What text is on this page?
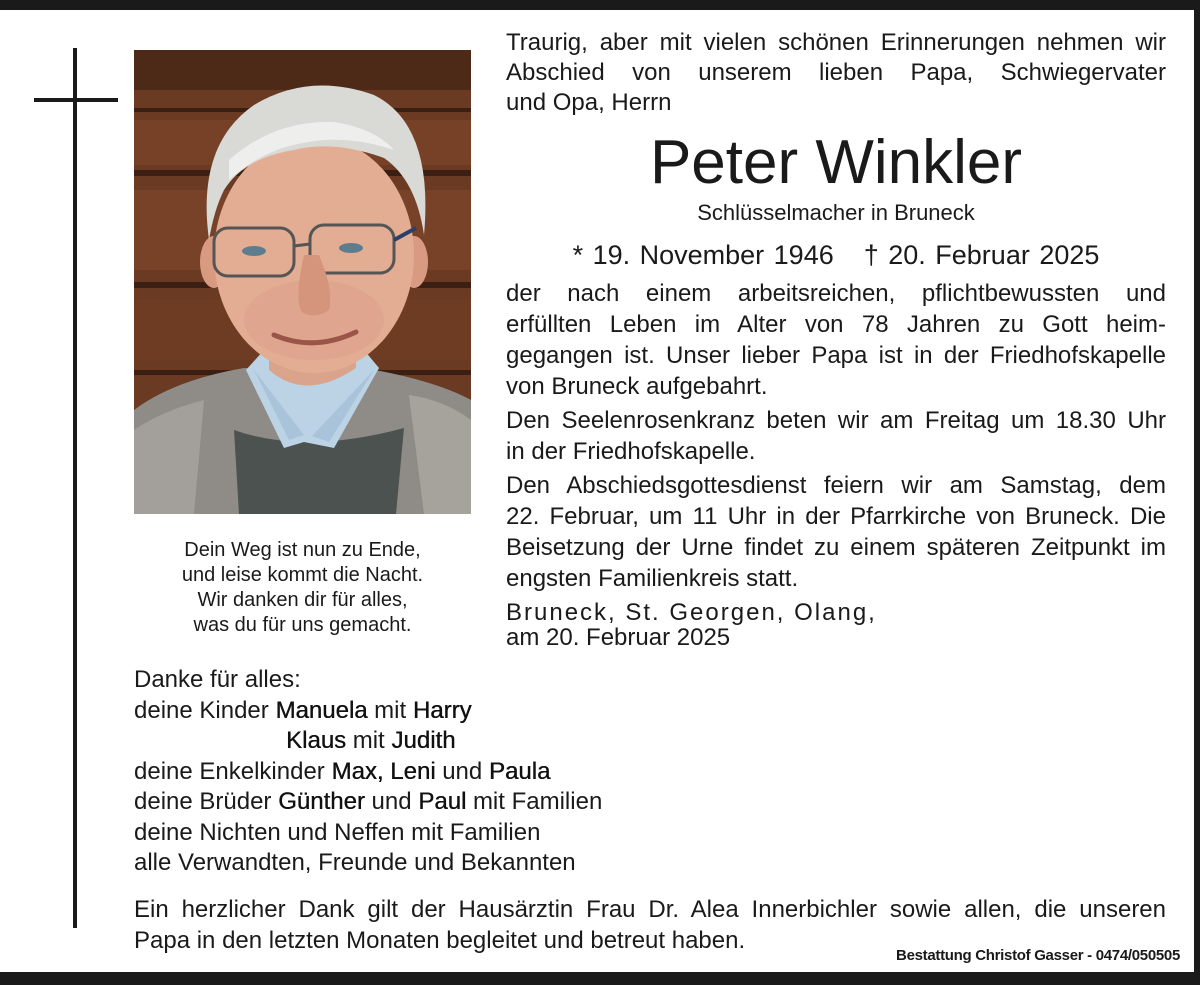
Dein Weg ist nun zu Ende,
und leise kommt die Nacht.
Wir danken dir für alles,
was du für uns gemacht.
Traurig, aber mit vielen schönen Erinnerungen nehmen wir
Abschied von unserem lieben Papa, Schwiegervater
und Opa, Herrn
Peter Winkler
Schlüsselmacher in Bruneck
* 19. November 1946 † 20. Februar 2025

der nach einem arbeitsreichen, pflichtbewussten und
erfüllten Leben im Alter von 78 Jahren zu Gott heim-
gegangen ist. Unser lieber Papa ist in der Friedhofskapelle
von Bruneck aufgebahrt.

Den Seelenrosenkranz beten wir am Freitag um 18.30 Uhr
in der Friedhofskapelle.

Den Abschiedsgottesdienst feiern wir am Samstag, dem
22. Februar, um 11 Uhr in der Pfarrkirche von Bruneck. Die
Beisetzung der Urne findet zu einem späteren Zeitpunkt im
engsten Familienkreis statt.

Bruneck, St. Georgen, Olang,
am 20. Februar 2025

Danke für alles:
deine Kinder Manuela mit Harry
Klaus mit Judith
deine Enkelkinder Max, Leni und Paula
deine Brüder Günther und Paul mit Familien
deine Nichten und Neffen mit Familien
alle Verwandten, Freunde und Bekannten
Ein herzlicher Dank gilt der Hausärztin Frau Dr. Alea Innerbichler sowie allen, die unseren
Papa in den letzten Monaten begleitet und betreut haben.
Bestattung Christof Gasser - 0474/050505
